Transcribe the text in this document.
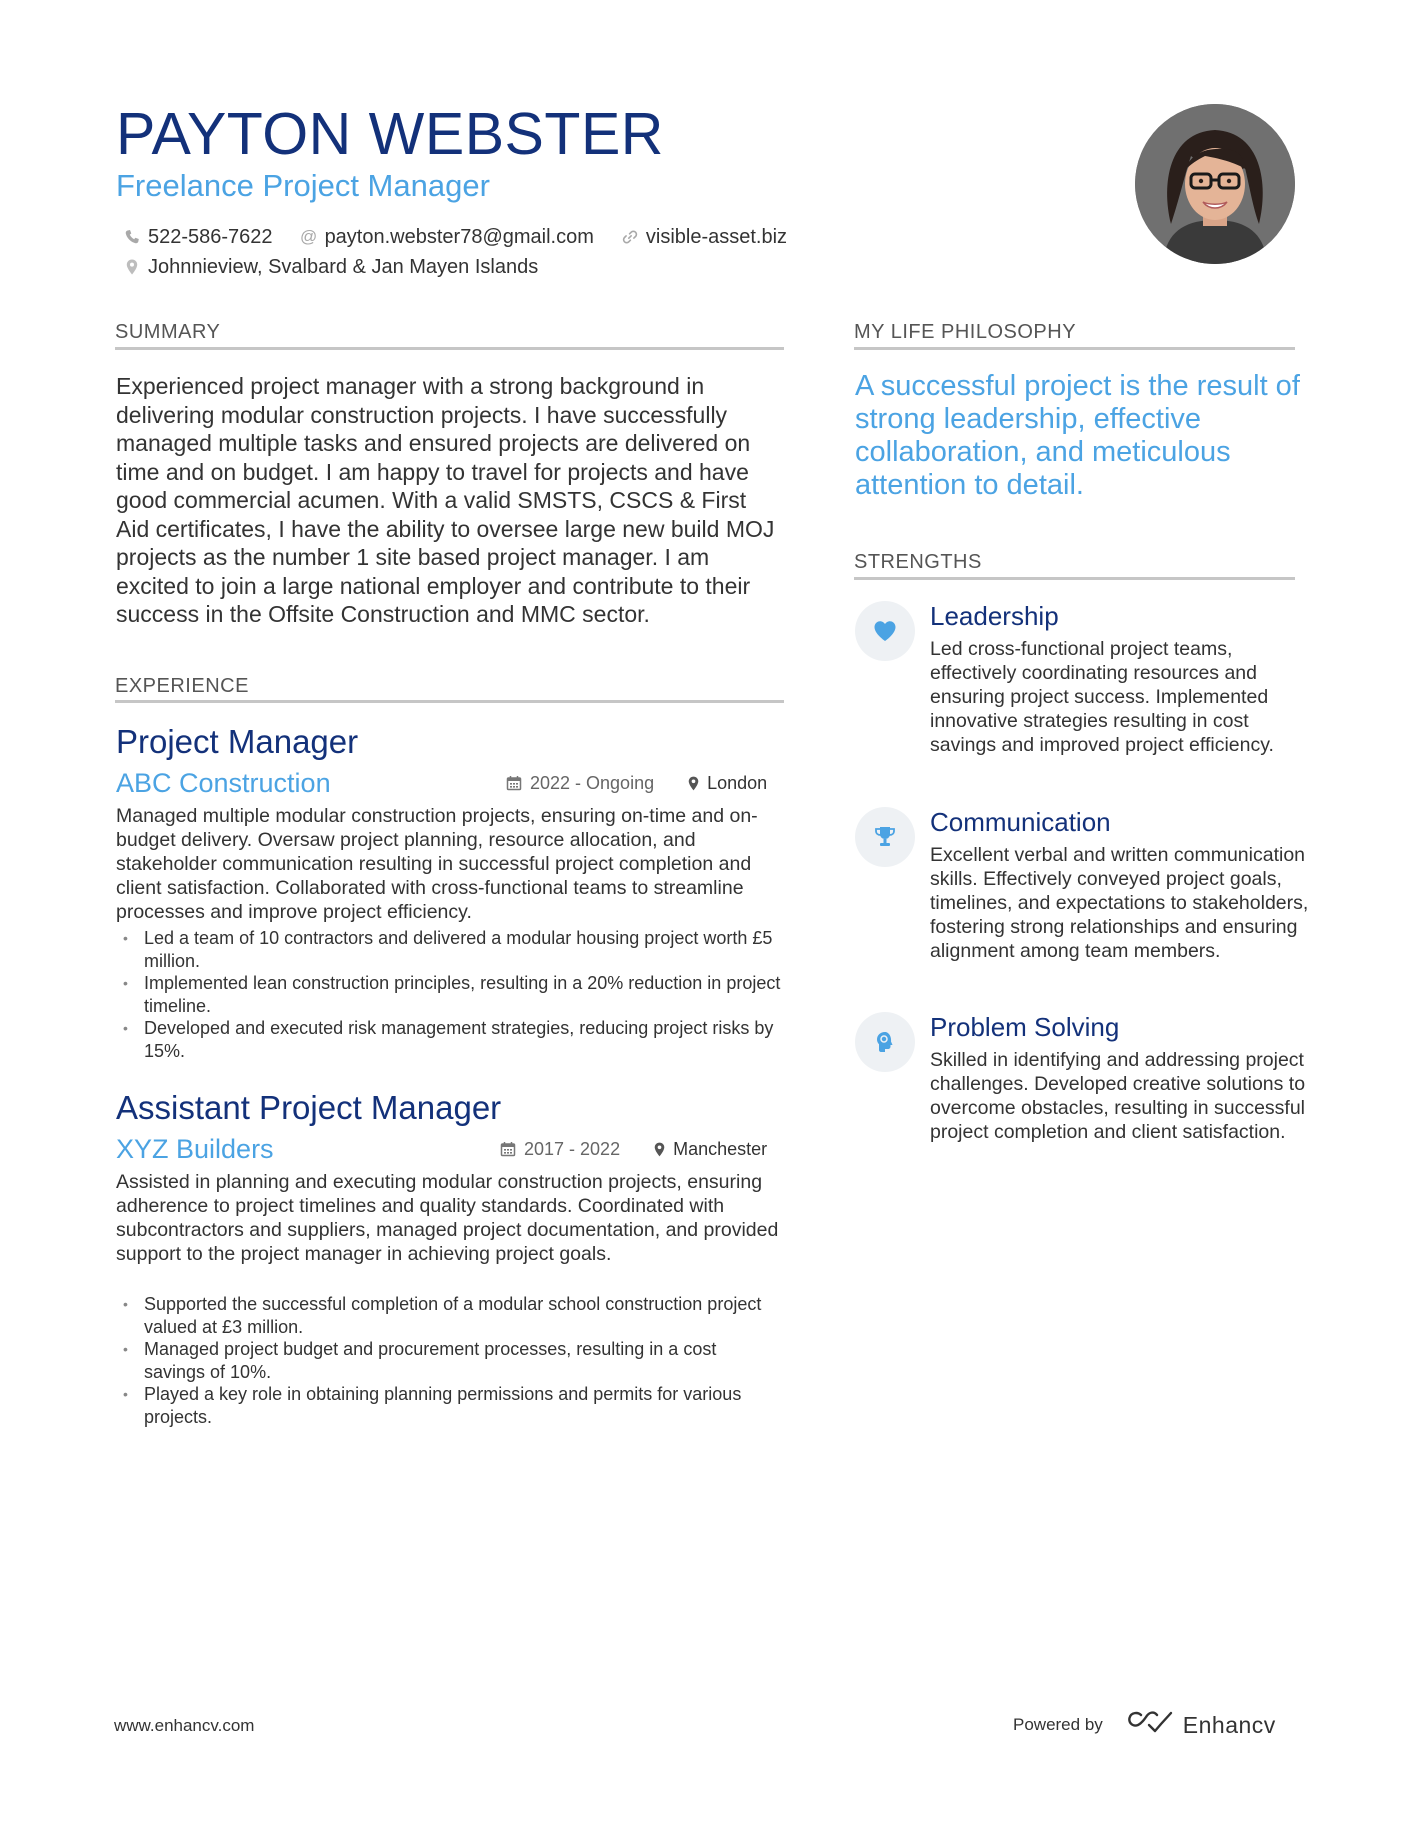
PAYTON WEBSTER
Freelance Project Manager
522-586-7622 @ payton.webster78@gmail.com	visible-asset.biz
Johnnieview, Svalbard & Jan Mayen Islands
SUMMARY
Experienced project manager with a strong background in delivering modular construction projects. I have successfully managed multiple tasks and ensured projects are delivered on time and on budget. I am happy to travel for projects and have good commercial acumen. With a valid SMSTS, CSCS & First Aid certificates, I have the ability to oversee large new build MOJ projects as the number 1 site based project manager. I am excited to join a large national employer and contribute to their success in the Offsite Construction and MMC sector.
EXPERIENCE
Project Manager
ABC Construction	2022 - Ongoing	London
Managed multiple modular construction projects, ensuring on-time and on-budget delivery. Oversaw project planning, resource allocation, and stakeholder communication resulting in successful project completion and client satisfaction. Collaborated with cross-functional teams to streamline processes and improve project efficiency.
• Led a team of 10 contractors and delivered a modular housing project worth £5 million.
• Implemented lean construction principles, resulting in a 20% reduction in project timeline.
• Developed and executed risk management strategies, reducing project risks by 15%.
Assistant Project Manager
XYZ Builders	2017 - 2022	Manchester
Assisted in planning and executing modular construction projects, ensuring adherence to project timelines and quality standards. Coordinated with subcontractors and suppliers, managed project documentation, and provided support to the project manager in achieving project goals.
• Supported the successful completion of a modular school construction project valued at £3 million.
• Managed project budget and procurement processes, resulting in a cost savings of 10%.
• Played a key role in obtaining planning permissions and permits for various projects.
MY LIFE PHILOSOPHY
A successful project is the result of strong leadership, effective collaboration, and meticulous attention to detail.
STRENGTHS
Leadership
Led cross-functional project teams, effectively coordinating resources and ensuring project success. Implemented innovative strategies resulting in cost savings and improved project efficiency.
Communication
Excellent verbal and written communication skills. Effectively conveyed project goals, timelines, and expectations to stakeholders, fostering strong relationships and ensuring alignment among team members.
Problem Solving
Skilled in identifying and addressing project challenges. Developed creative solutions to overcome obstacles, resulting in successful project completion and client satisfaction.
www.enhancv.com	Powered by	Enhancv
